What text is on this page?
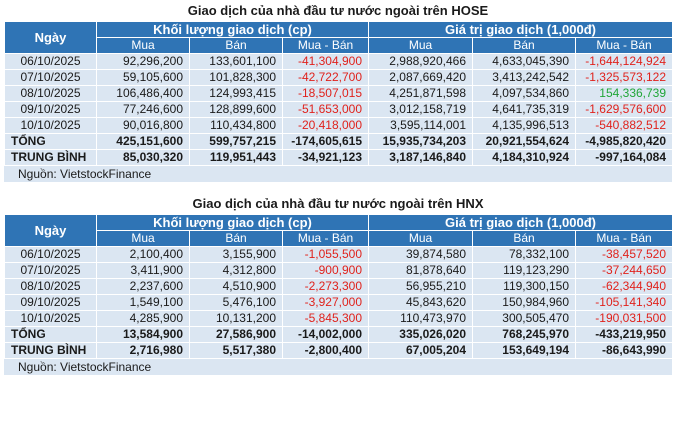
Giao dịch của nhà đầu tư nước ngoài trên HOSE
Ngày	Khối lượng giao dịch (cp)			Giá trị giao dịch (1,000đ)		
	Mua	Bán	Mua - Bán	Mua	Bán	Mua - Bán
06/10/2025	92,296,200	133,601,100	-41,304,900	2,988,920,466	4,633,045,390	-1,644,124,924
07/10/2025	59,105,600	101,828,300	-42,722,700	2,087,669,420	3,413,242,542	-1,325,573,122
08/10/2025	106,486,400	124,993,415	-18,507,015	4,251,871,598	4,097,534,860	154,336,739
09/10/2025	77,246,600	128,899,600	-51,653,000	3,012,158,719	4,641,735,319	-1,629,576,600
10/10/2025	90,016,800	110,434,800	-20,418,000	3,595,114,001	4,135,996,513	-540,882,512
TỔNG	425,151,600	599,757,215	-174,605,615	15,935,734,203	20,921,554,624	-4,985,820,420
TRUNG BÌNH	85,030,320	119,951,443	-34,921,123	3,187,146,840	4,184,310,924	-997,164,084
Nguồn: VietstockFinance
Giao dịch của nhà đầu tư nước ngoài trên HNX
Ngày	Khối lượng giao dịch (cp)			Giá trị giao dịch (1,000đ)		
	Mua	Bán	Mua - Bán	Mua	Bán	Mua - Bán
06/10/2025	2,100,400	3,155,900	-1,055,500	39,874,580	78,332,100	-38,457,520
07/10/2025	3,411,900	4,312,800	-900,900	81,878,640	119,123,290	-37,244,650
08/10/2025	2,237,600	4,510,900	-2,273,300	56,955,210	119,300,150	-62,344,940
09/10/2025	1,549,100	5,476,100	-3,927,000	45,843,620	150,984,960	-105,141,340
10/10/2025	4,285,900	10,131,200	-5,845,300	110,473,970	300,505,470	-190,031,500
TỔNG	13,584,900	27,586,900	-14,002,000	335,026,020	768,245,970	-433,219,950
TRUNG BÌNH	2,716,980	5,517,380	-2,800,400	67,005,204	153,649,194	-86,643,990
Nguồn: VietstockFinance
